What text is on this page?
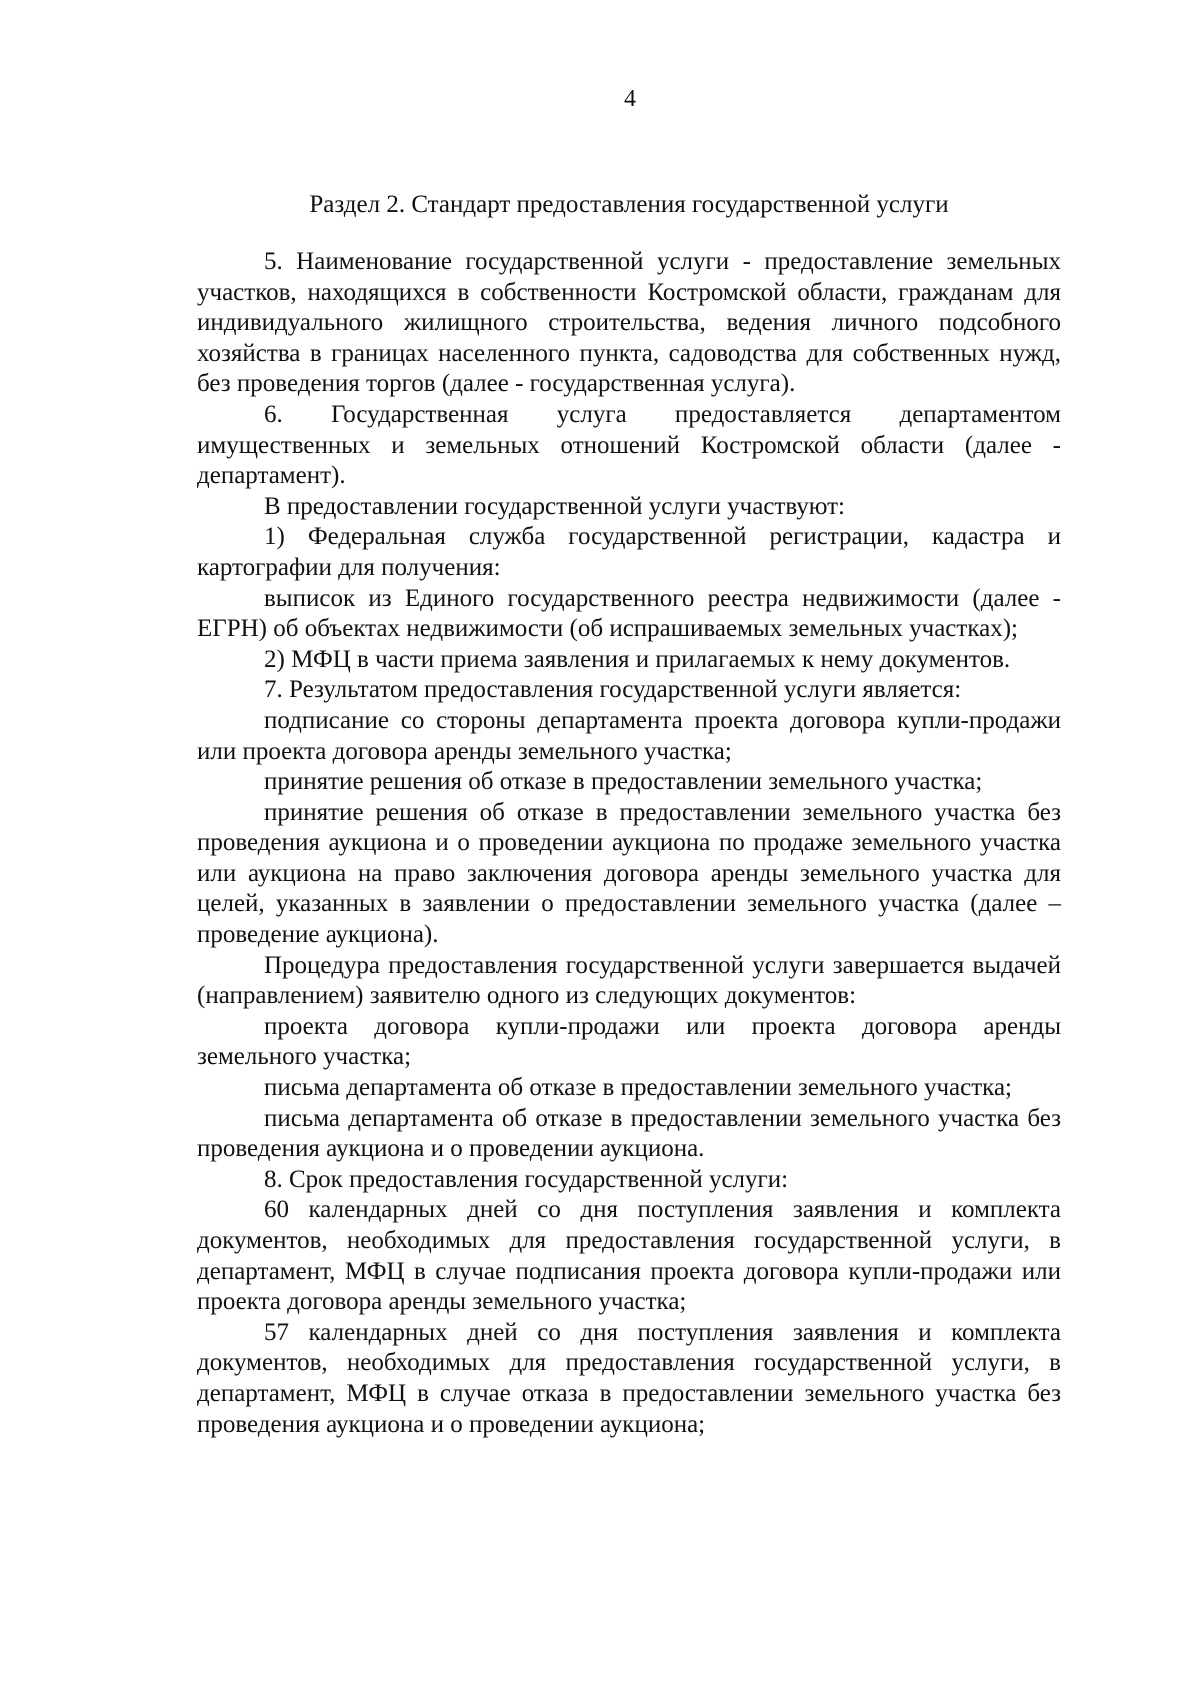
4
Раздел 2. Стандарт предоставления государственной услуги

5. Наименование государственной услуги - предоставление земельных участков, находящихся в собственности Костромской области, гражданам для индивидуального жилищного строительства, ведения личного подсобного хозяйства в границах населенного пункта, садоводства для собственных нужд, без проведения торгов (далее - государственная услуга).

6. Государственная услуга предоставляется департаментом имущественных и земельных отношений Костромской области (далее - департамент).

В предоставлении государственной услуги участвуют:

1) Федеральная служба государственной регистрации, кадастра и картографии для получения:

выписок из Единого государственного реестра недвижимости (далее - ЕГРН) об объектах недвижимости (об испрашиваемых земельных участках);

2) МФЦ в части приема заявления и прилагаемых к нему документов.

7. Результатом предоставления государственной услуги является:

подписание со стороны департамента проекта договора купли-продажи или проекта договора аренды земельного участка;

принятие решения об отказе в предоставлении земельного участка;

принятие решения об отказе в предоставлении земельного участка без проведения аукциона и о проведении аукциона по продаже земельного участка или аукциона на право заключения договора аренды земельного участка для целей, указанных в заявлении о предоставлении земельного участка (далее – проведение аукциона).

Процедура предоставления государственной услуги завершается выдачей (направлением) заявителю одного из следующих документов:

проекта договора купли-продажи или проекта договора аренды земельного участка;

письма департамента об отказе в предоставлении земельного участка;

письма департамента об отказе в предоставлении земельного участка без проведения аукциона и о проведении аукциона.

8. Срок предоставления государственной услуги:

60 календарных дней со дня поступления заявления и комплекта документов, необходимых для предоставления государственной услуги, в департамент, МФЦ в случае подписания проекта договора купли-продажи или проекта договора аренды земельного участка;

57 календарных дней со дня поступления заявления и комплекта документов, необходимых для предоставления государственной услуги, в департамент, МФЦ в случае отказа в предоставлении земельного участка без проведения аукциона и о проведении аукциона;
